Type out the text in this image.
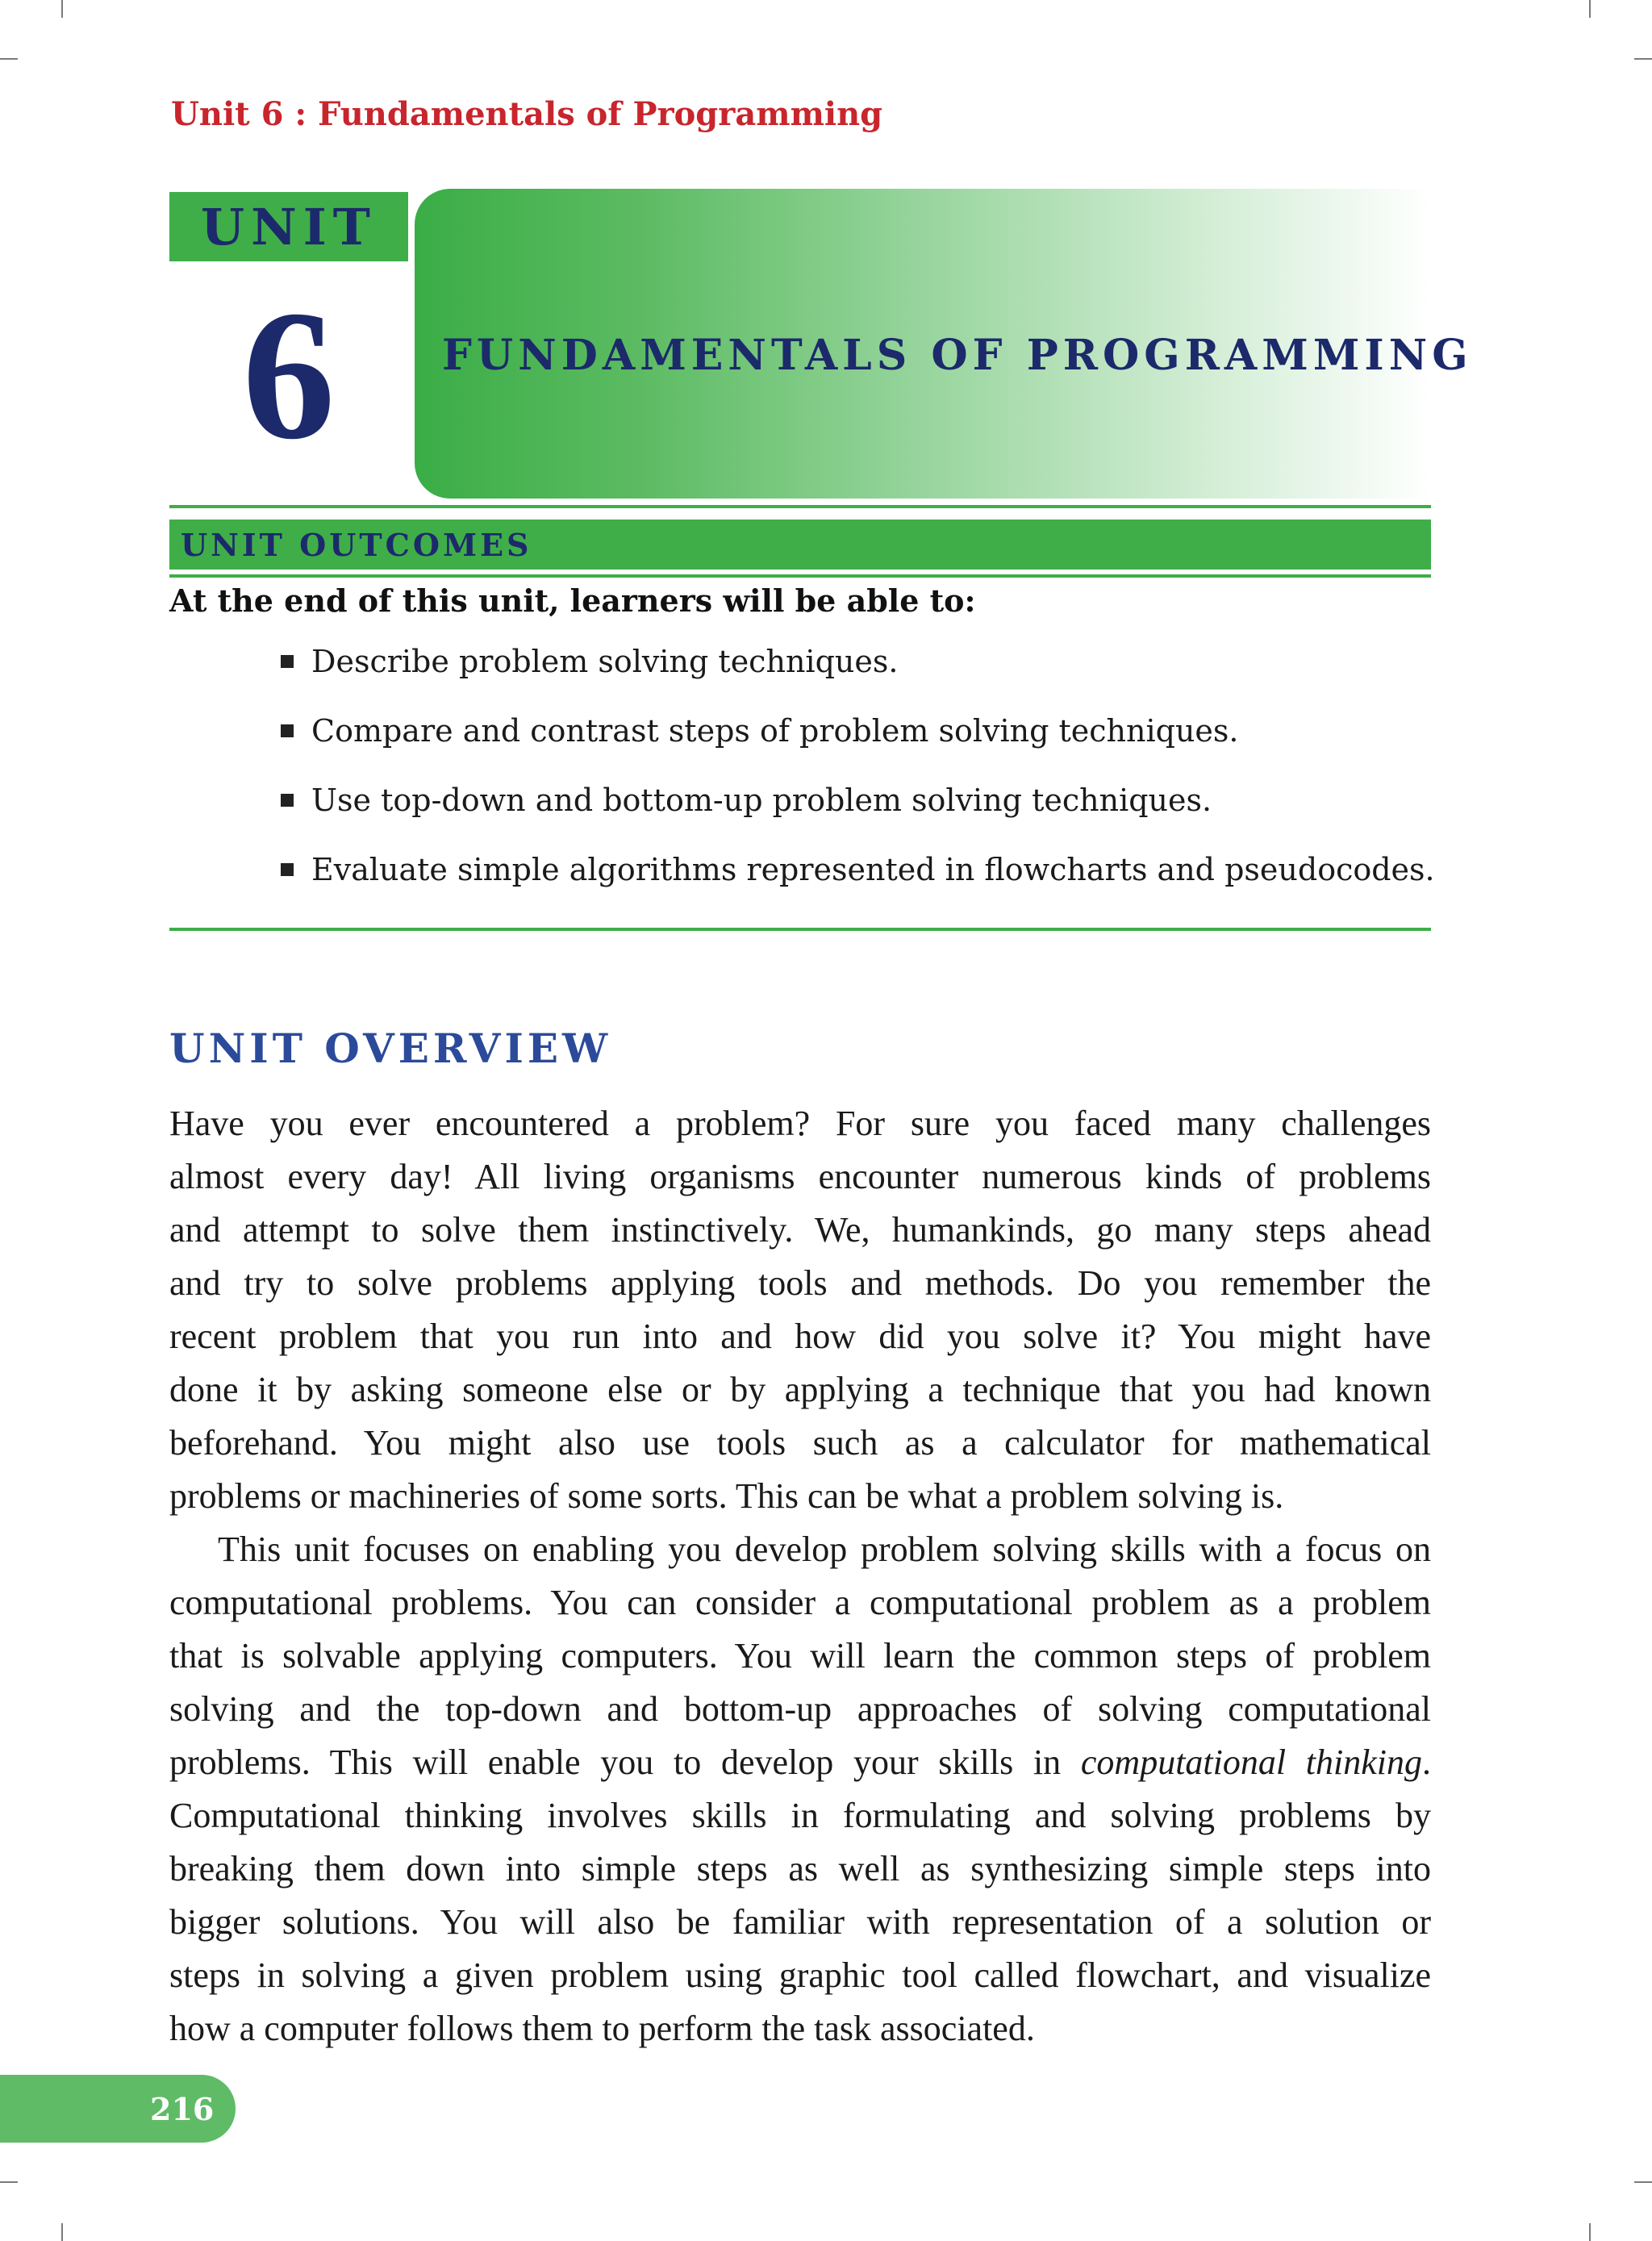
Unit 6 : Fundamentals of Programming
UNIT
6	FUNDAMENTALS OF PROGRAMMING
UNIT OUTCOMES
At the end of this unit, learners will be able to:
Describe problem solving techniques.
Compare and contrast steps of problem solving techniques.
Use top-down and bottom-up problem solving techniques.
Evaluate simple algorithms represented in flowcharts and pseudocodes.
UNIT OVERVIEW
Have you ever encountered a problem? For sure you faced many challenges
almost every day! All living organisms encounter numerous kinds of problems
and attempt to solve them instinctively. We, humankinds, go many steps ahead
and try to solve problems applying tools and methods. Do you remember the
recent problem that you run into and how did you solve it? You might have
done it by asking someone else or by applying a technique that you had known
beforehand. You might also use tools such as a calculator for mathematical
problems or machineries of some sorts. This can be what a problem solving is.
This unit focuses on enabling you develop problem solving skills with a focus on
computational problems. You can consider a computational problem as a problem
that is solvable applying computers. You will learn the common steps of problem
solving and the top-down and bottom-up approaches of solving computational
problems. This will enable you to develop your skills in computational thinking.
Computational thinking involves skills in formulating and solving problems by
breaking them down into simple steps as well as synthesizing simple steps into
bigger solutions. You will also be familiar with representation of a solution or
steps in solving a given problem using graphic tool called flowchart, and visualize
how a computer follows them to perform the task associated.
216
